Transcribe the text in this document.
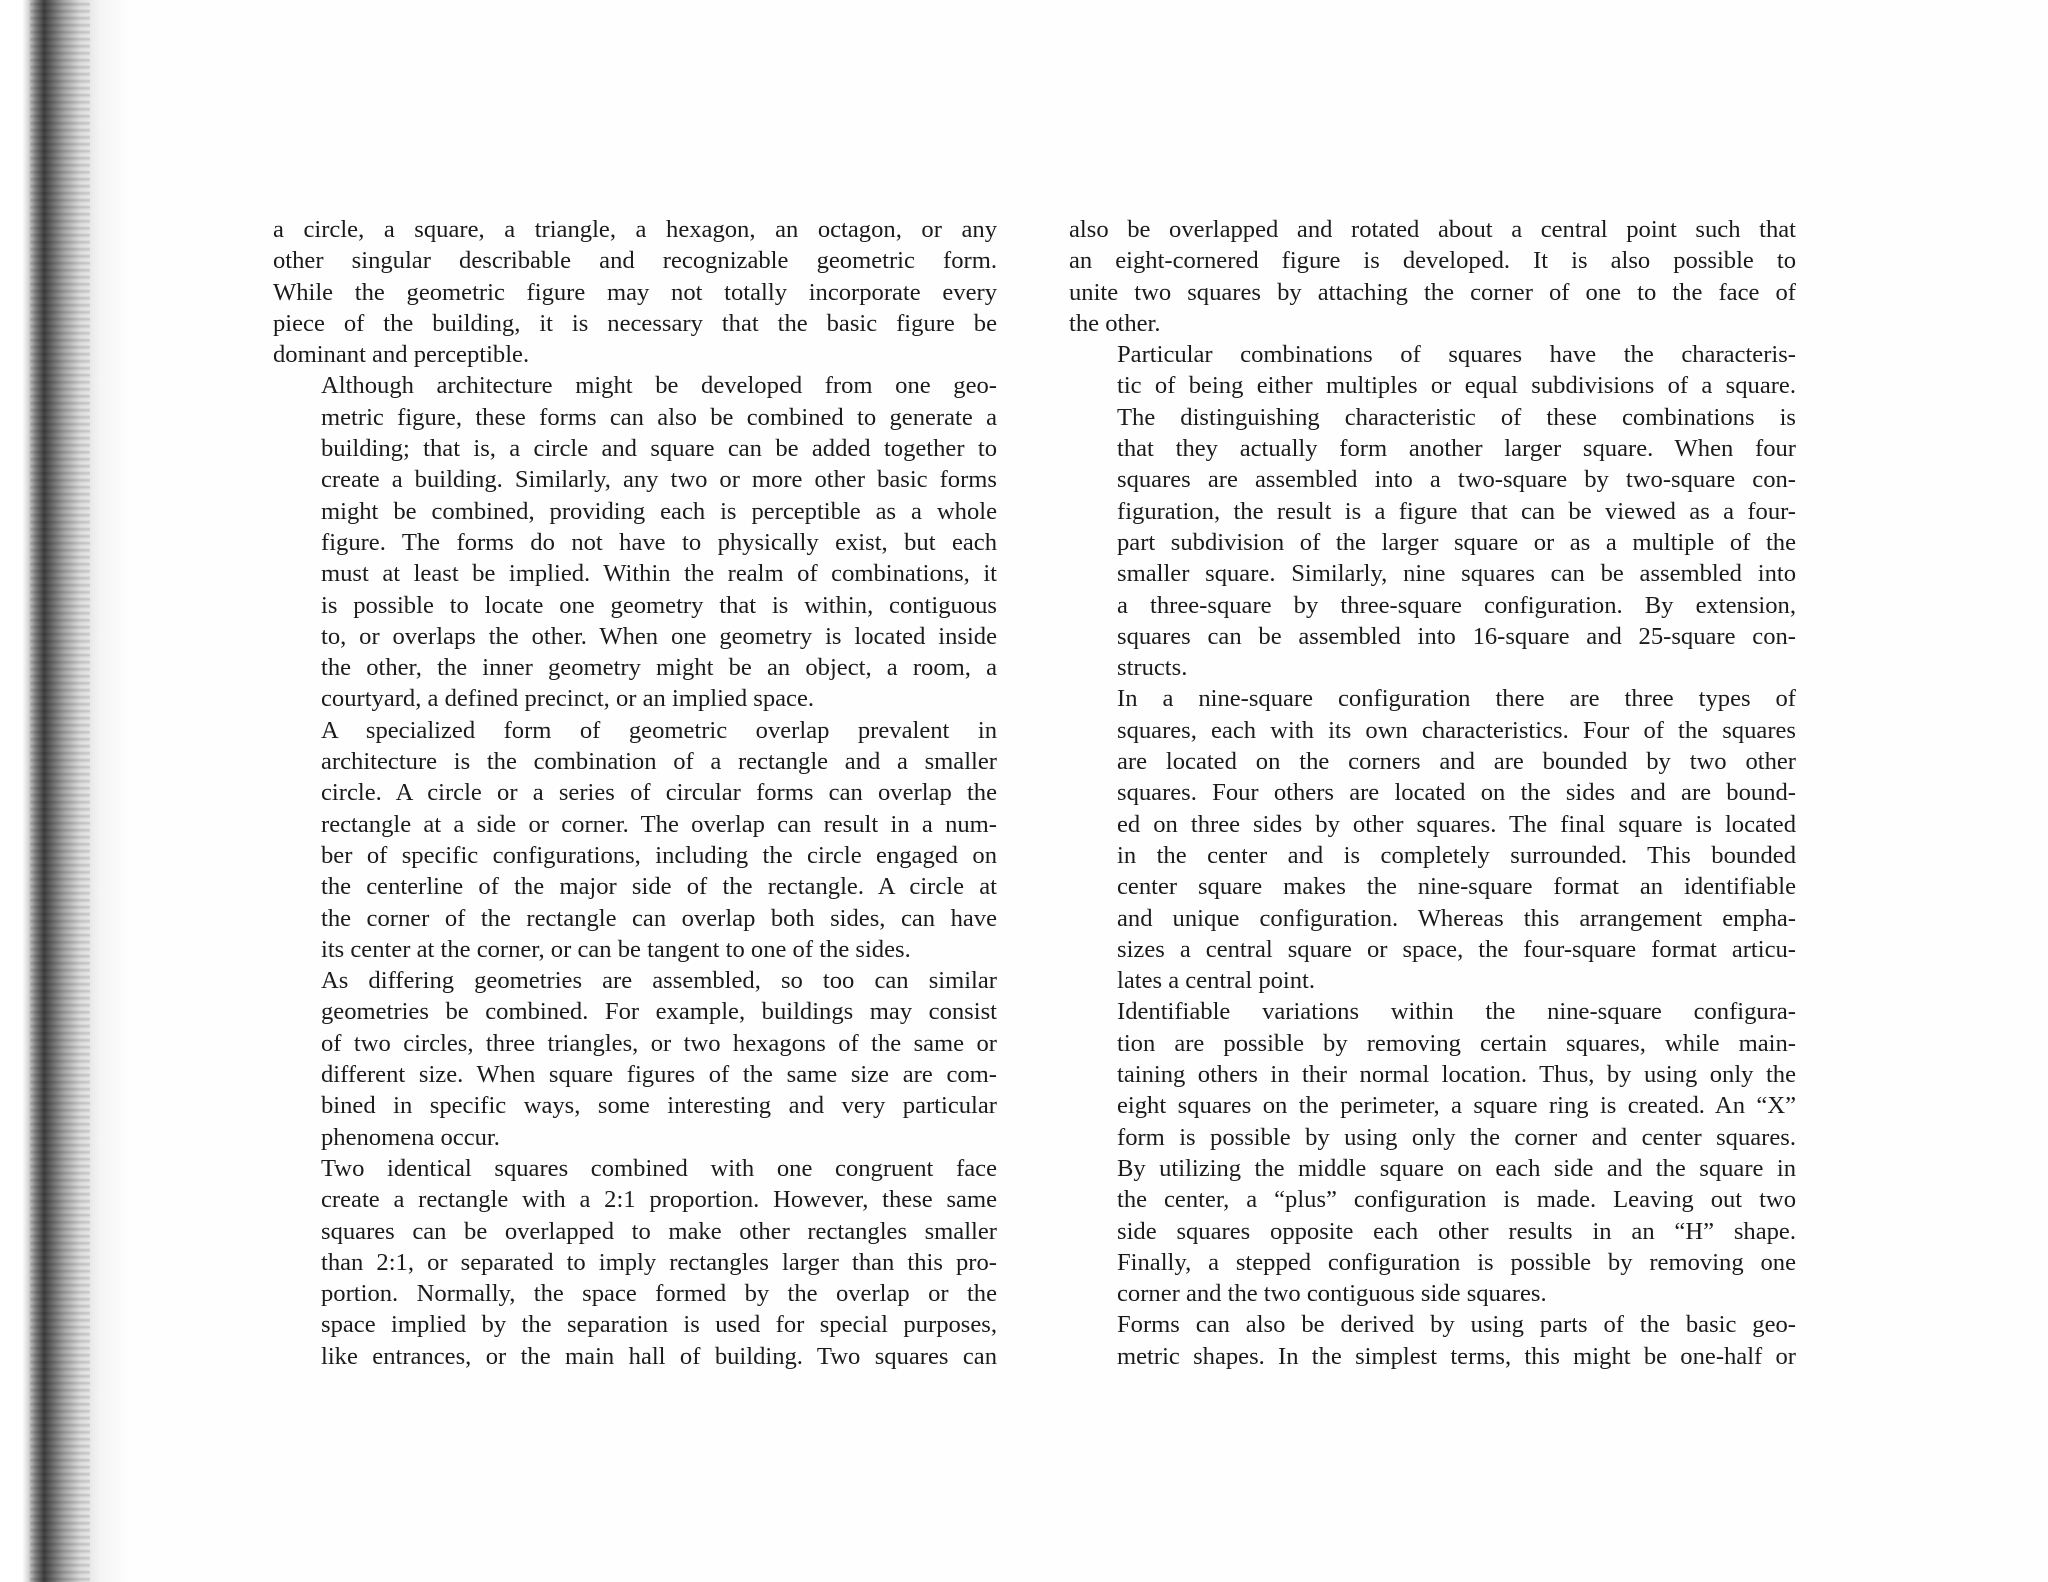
a circle, a square, a triangle, a hexagon, an octagon, or any
other singular describable and recognizable geometric form.
While the geometric figure may not totally incorporate every
piece of the building, it is necessary that the basic figure be
dominant and perceptible.

Although architecture might be developed from one geo-
metric figure, these forms can also be combined to generate a
building; that is, a circle and square can be added together to
create a building. Similarly, any two or more other basic forms
might be combined, providing each is perceptible as a whole
figure. The forms do not have to physically exist, but each
must at least be implied. Within the realm of combinations, it
is possible to locate one geometry that is within, contiguous
to, or overlaps the other. When one geometry is located inside
the other, the inner geometry might be an object, a room, a
courtyard, a defined precinct, or an implied space.

A specialized form of geometric overlap prevalent in
architecture is the combination of a rectangle and a smaller
circle. A circle or a series of circular forms can overlap the
rectangle at a side or corner. The overlap can result in a num-
ber of specific configurations, including the circle engaged on
the centerline of the major side of the rectangle. A circle at
the corner of the rectangle can overlap both sides, can have
its center at the corner, or can be tangent to one of the sides.

As differing geometries are assembled, so too can similar
geometries be combined. For example, buildings may consist
of two circles, three triangles, or two hexagons of the same or
different size. When square figures of the same size are com-
bined in specific ways, some interesting and very particular
phenomena occur.

Two identical squares combined with one congruent face
create a rectangle with a 2:1 proportion. However, these same
squares can be overlapped to make other rectangles smaller
than 2:1, or separated to imply rectangles larger than this pro-
portion. Normally, the space formed by the overlap or the
space implied by the separation is used for special purposes,
like entrances, or the main hall of building. Two squares can

also be overlapped and rotated about a central point such that
an eight-cornered figure is developed. It is also possible to
unite two squares by attaching the corner of one to the face of
the other.

Particular combinations of squares have the characteris-
tic of being either multiples or equal subdivisions of a square.
The distinguishing characteristic of these combinations is
that they actually form another larger square. When four
squares are assembled into a two-square by two-square con-
figuration, the result is a figure that can be viewed as a four-
part subdivision of the larger square or as a multiple of the
smaller square. Similarly, nine squares can be assembled into
a three-square by three-square configuration. By extension,
squares can be assembled into 16-square and 25-square con-
structs.

In a nine-square configuration there are three types of
squares, each with its own characteristics. Four of the squares
are located on the corners and are bounded by two other
squares. Four others are located on the sides and are bound-
ed on three sides by other squares. The final square is located
in the center and is completely surrounded. This bounded
center square makes the nine-square format an identifiable
and unique configuration. Whereas this arrangement empha-
sizes a central square or space, the four-square format articu-
lates a central point.

Identifiable variations within the nine-square configura-
tion are possible by removing certain squares, while main-
taining others in their normal location. Thus, by using only the
eight squares on the perimeter, a square ring is created. An “X”
form is possible by using only the corner and center squares.
By utilizing the middle square on each side and the square in
the center, a “plus” configuration is made. Leaving out two
side squares opposite each other results in an “H” shape.
Finally, a stepped configuration is possible by removing one
corner and the two contiguous side squares.

Forms can also be derived by using parts of the basic geo-
metric shapes. In the simplest terms, this might be one-half or
